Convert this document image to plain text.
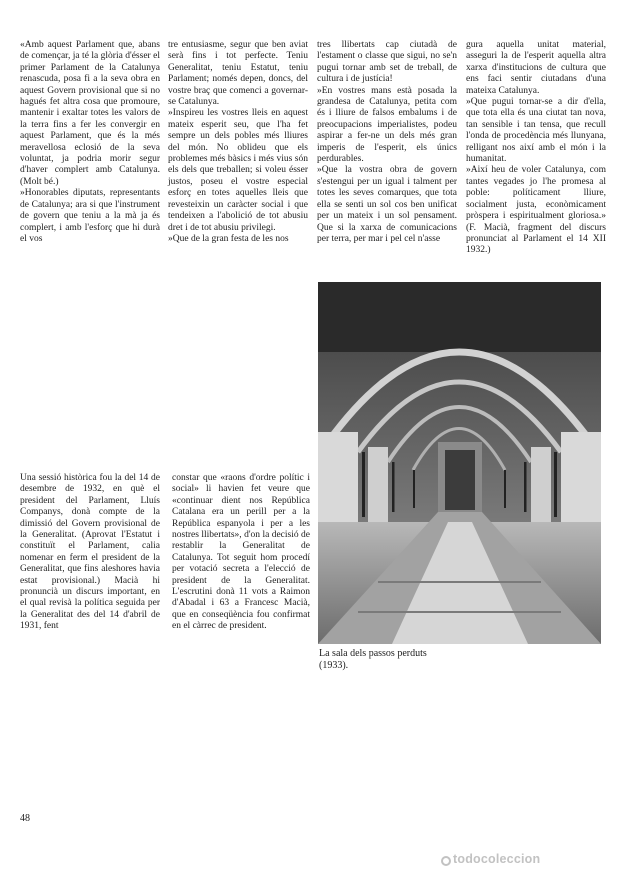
«Amb aquest Parlament que, abans de començar, ja té la glòria d'ésser el primer Parlament de la Catalunya renascuda, posa fi a la seva obra en aquest Govern provisional que si no hagués fet altra cosa que promoure, mantenir i exaltar totes les valors de la terra fins a fer les convergir en aquest Parlament, que és la més meravellosa eclosió de la seva voluntat, ja podria morir segur d'haver complert amb Catalunya. (Molt bé.)

»Honorables diputats, representants de Catalunya; ara si que l'instrument de govern que teniu a la mà ja és complert, i amb l'esforç que hi durà el vos

tre entusiasme, segur que ben aviat serà fins i tot perfecte. Teniu Generalitat, teniu Estatut, teniu Parlament; només depen, doncs, del vostre braç que comenci a governar-se Catalunya.

»Inspireu les vostres lleis en aquest mateix esperit seu, que l'ha fet sempre un dels pobles més lliures del món. No oblideu que els problemes més bàsics i més vius són els dels que treballen; si voleu ésser justos, poseu el vostre especial esforç en totes aquelles lleis que revesteixin un caràcter social i que tendeixen a l'abolició de tot abusiu dret i de tot abusiu privilegi.

»Que de la gran festa de les nos

tres llibertats cap ciutadà de l'estament o classe que sigui, no se'n pugui tornar amb set de treball, de cultura i de justícia!

»En vostres mans està posada la grandesa de Catalunya, petita com és i lliure de falsos embalums i de preocupacions imperialistes, podeu aspirar a fer-ne un dels més gran imperis de l'esperit, els únics perdurables.

»Que la vostra obra de govern s'estengui per un igual i talment per totes les seves comarques, que tota ella se senti un sol cos ben unificat per un mateix i un sol pensament. Que si la xarxa de comunicacions per terra, per mar i pel cel n'asse

gura aquella unitat material, asseguri la de l'esperit aquella altra xarxa d'institucions de cultura que ens faci sentir ciutadans d'una mateixa Catalunya.

»Que pugui tornar-se a dir d'ella, que tota ella és una ciutat tan nova, tan sensible i tan tensa, que recull l'onda de procedència més llunyana, relligant nos així amb el món i la humanitat.

»Així heu de voler Catalunya, com tantes vegades jo l'he promesa al poble: políticament lliure, socialment justa, econòmicament pròspera i espiritualment gloriosa.» (F. Macià, fragment del discurs pronunciat al Parlament el 14 XII 1932.)

La sala dels passos perduts

(1933).

Una sessió històrica fou la del 14 de desembre de 1932, en què el president del Parlament, Lluís Companys, donà compte de la dimissió del Govern provisional de la Generalitat. (Aprovat l'Estatut i constituït el Parlament, calia nomenar en ferm el president de la Generalitat, que fins aleshores havia estat provisional.) Macià hi pronuncià un discurs important, en el qual revisà la política seguida per la Generalitat des del 14 d'abril de 1931, fent

constar que «raons d'ordre polític i social» li havien fet veure que «continuar dient nos República Catalana era un perill per a la República espanyola i per a les nostres llibertats», d'on la decisió de restablir la Generalitat de Catalunya. Tot seguit hom procedí per votació secreta a l'elecció de president de la Generalitat. L'escrutini donà 11 vots a Raimon d'Abadal i 63 a Francesc Macià, que en conseqüència fou confirmat en el càrrec de president.

48
todocoleccion
